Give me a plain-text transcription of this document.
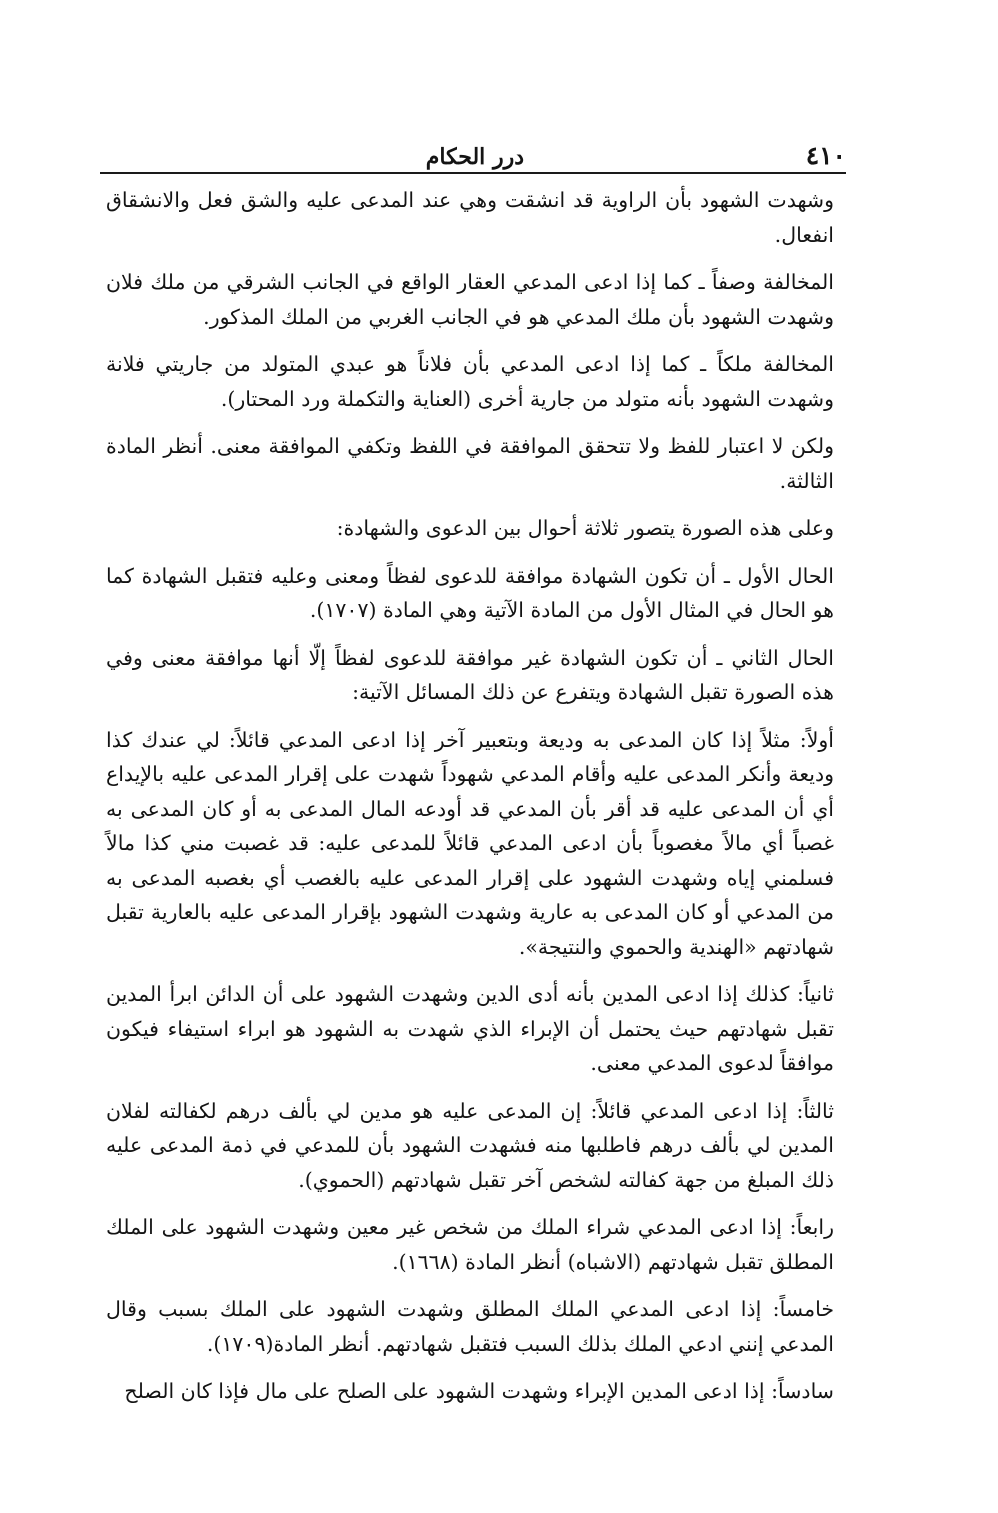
٤١٠
درر الحكام

وشهدت الشهود بأن الراوية قد انشقت وهي عند المدعى عليه والشق فعل والانشقاق انفعال.

المخالفة وصفاً ـ كما إذا ادعى المدعي العقار الواقع في الجانب الشرقي من ملك فلان وشهدت الشهود بأن ملك المدعي هو في الجانب الغربي من الملك المذكور.

المخالفة ملكاً ـ كما إذا ادعى المدعي بأن فلاناً هو عبدي المتولد من جاريتي فلانة وشهدت الشهود بأنه متولد من جارية أخرى (العناية والتكملة ورد المحتار).

ولكن لا اعتبار للفظ ولا تتحقق الموافقة في اللفظ وتكفي الموافقة معنى. أنظر المادة الثالثة.

وعلى هذه الصورة يتصور ثلاثة أحوال بين الدعوى والشهادة:

الحال الأول ـ أن تكون الشهادة موافقة للدعوى لفظاً ومعنى وعليه فتقبل الشهادة كما هو الحال في المثال الأول من المادة الآتية وهي المادة (١٧٠٧).

الحال الثاني ـ أن تكون الشهادة غير موافقة للدعوى لفظاً إلّا أنها موافقة معنى وفي هذه الصورة تقبل الشهادة ويتفرع عن ذلك المسائل الآتية:

أولاً: مثلاً إذا كان المدعى به وديعة وبتعبير آخر إذا ادعى المدعي قائلاً: لي عندك كذا وديعة وأنكر المدعى عليه وأقام المدعي شهوداً شهدت على إقرار المدعى عليه بالإيداع أي أن المدعى عليه قد أقر بأن المدعي قد أودعه المال المدعى به أو كان المدعى به غصباً أي مالاً مغصوباً بأن ادعى المدعي قائلاً للمدعى عليه: قد غصبت مني كذا مالاً فسلمني إياه وشهدت الشهود على إقرار المدعى عليه بالغصب أي بغصبه المدعى به من المدعي أو كان المدعى به عارية وشهدت الشهود بإقرار المدعى عليه بالعارية تقبل شهادتهم «الهندية والحموي والنتيجة».

ثانياً: كذلك إذا ادعى المدين بأنه أدى الدين وشهدت الشهود على أن الدائن ابرأ المدين تقبل شهادتهم حيث يحتمل أن الإبراء الذي شهدت به الشهود هو ابراء استيفاء فيكون موافقاً لدعوى المدعي معنى.

ثالثاً: إذا ادعى المدعي قائلاً: إن المدعى عليه هو مدين لي بألف درهم لكفالته لفلان المدين لي بألف درهم فاطلبها منه فشهدت الشهود بأن للمدعي في ذمة المدعى عليه ذلك المبلغ من جهة كفالته لشخص آخر تقبل شهادتهم (الحموي).

رابعاً: إذا ادعى المدعي شراء الملك من شخص غير معين وشهدت الشهود على الملك المطلق تقبل شهادتهم (الاشباه) أنظر المادة (١٦٦٨).

خامساً: إذا ادعى المدعي الملك المطلق وشهدت الشهود على الملك بسبب وقال المدعي إنني ادعي الملك بذلك السبب فتقبل شهادتهم. أنظر المادة(١٧٠٩).

سادساً: إذا ادعى المدين الإبراء وشهدت الشهود على الصلح على مال فإذا كان الصلح
